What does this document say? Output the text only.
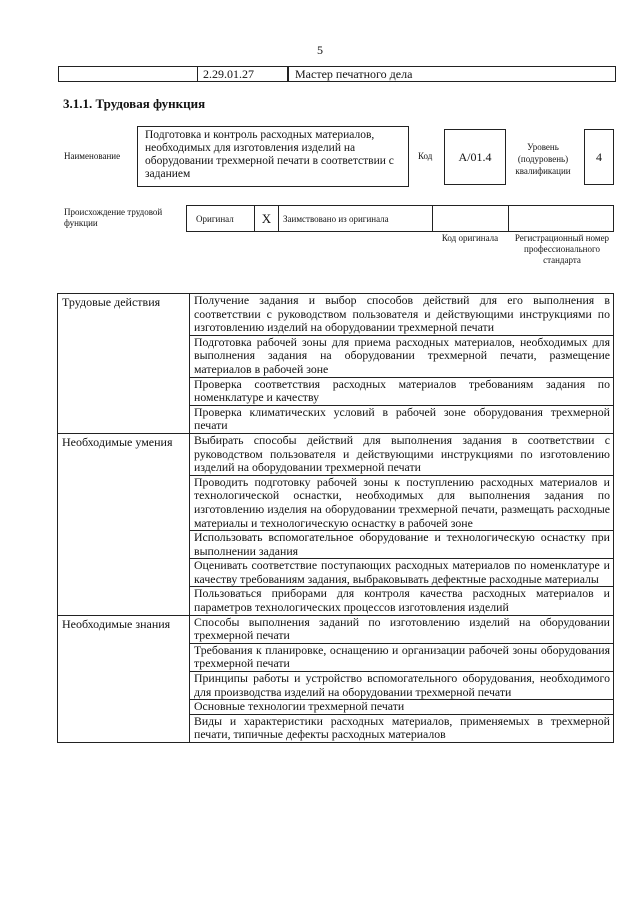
5
2.29.01.27	Мастер печатного дела
3.1.1. Трудовая функция
Наименование
Подготовка и контроль расходных материалов, необходимых для изготовления изделий на оборудовании трехмерной печати в соответствии с заданием
Код	A/01.4
Уровень (подуровень) квалификации
4
Происхождение трудовой функции	Оригинал	X	Заимствовано из оригинала
Код оригинала	Регистрационный номер профессионального стандарта
Трудовые действия	Получение задания и выбор способов действий для его выполнения в соответствии с руководством пользователя и действующими инструкциями по изготовлению изделий на оборудовании трехмерной печати
	Подготовка рабочей зоны для приема расходных материалов, необходимых для выполнения задания на оборудовании трехмерной печати, размещение материалов в рабочей зоне
	Проверка соответствия расходных материалов требованиям задания по номенклатуре и качеству
	Проверка климатических условий в рабочей зоне оборудования трехмерной печати
Необходимые умения	Выбирать способы действий для выполнения задания в соответствии с руководством пользователя и действующими инструкциями по изготовлению изделий на оборудовании трехмерной печати
	Проводить подготовку рабочей зоны к поступлению расходных материалов и технологической оснастки, необходимых для выполнения задания по изготовлению изделия на оборудовании трехмерной печати, размещать расходные материалы и технологическую оснастку в рабочей зоне
	Использовать вспомогательное оборудование и технологическую оснастку при выполнении задания
	Оценивать соответствие поступающих расходных материалов по номенклатуре и качеству требованиям задания, выбраковывать дефектные расходные материалы
	Пользоваться приборами для контроля качества расходных материалов и параметров технологических процессов изготовления изделий
Необходимые знания	Способы выполнения заданий по изготовлению изделий на оборудовании трехмерной печати
	Требования к планировке, оснащению и организации рабочей зоны оборудования трехмерной печати
	Принципы работы и устройство вспомогательного оборудования, необходимого для производства изделий на оборудовании трехмерной печати
	Основные технологии трехмерной печати
	Виды и характеристики расходных материалов, применяемых в трехмерной печати, типичные дефекты расходных материалов
